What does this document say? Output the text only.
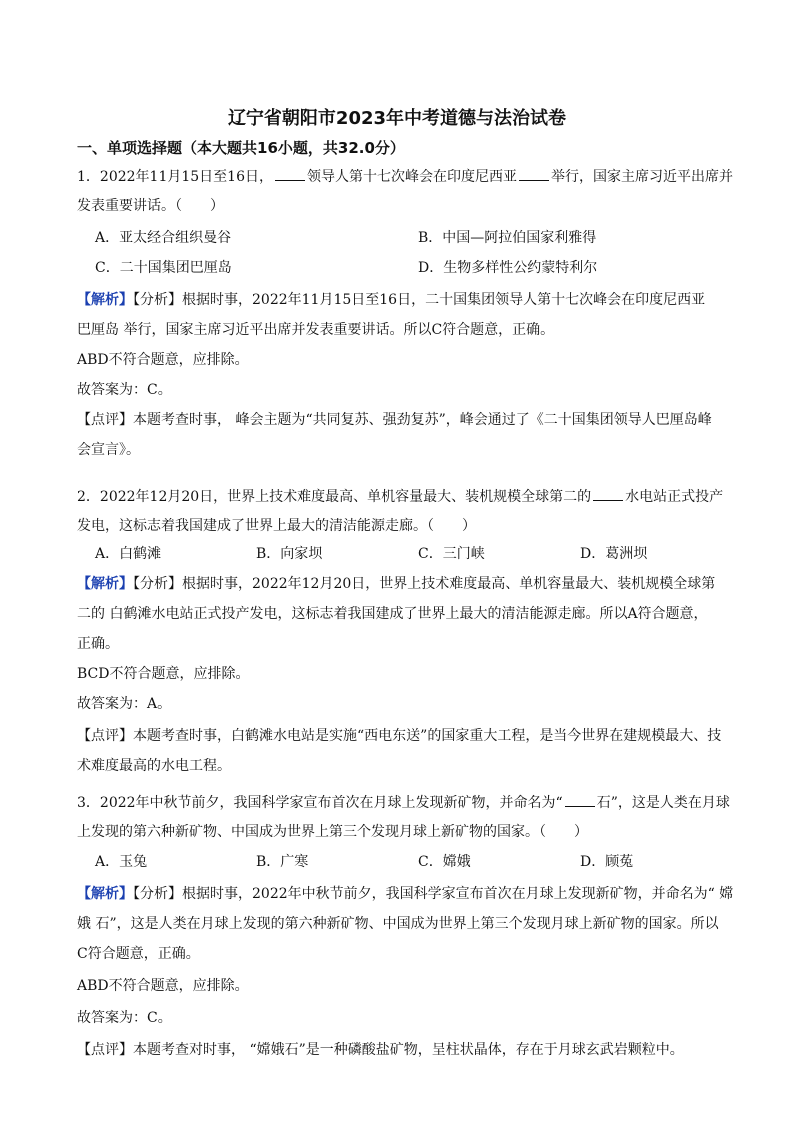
辽宁省朝阳市2023年中考道德与法治试卷
一、单项选择题（本大题共16小题，共32.0分）
1．2022年11月15日至16日， 领导人第十七次峰会在印度尼西亚 举行，国家主席习近平出席并
发表重要讲话。（　　）
A．亚太经合组织曼谷	B．中国—阿拉伯国家利雅得
C．二十国集团巴厘岛	D．生物多样性公约蒙特利尔
【解析】【分析】根据时事，2022年11月15日至16日，二十国集团领导人第十七次峰会在印度尼西亚
巴厘岛 举行，国家主席习近平出席并发表重要讲话。所以C符合题意，正确。
ABD不符合题意，应排除。
故答案为：C。
【点评】本题考查时事， 峰会主题为“共同复苏、强劲复苏”，峰会通过了《二十国集团领导人巴厘岛峰
会宣言》。
2．2022年12月20日，世界上技术难度最高、单机容量最大、装机规模全球第二的 水电站正式投产
发电，这标志着我国建成了世界上最大的清洁能源走廊。（　　）
A．白鹤滩	B．向家坝	C．三门峡	D．葛洲坝
【解析】【分析】根据时事，2022年12月20日，世界上技术难度最高、单机容量最大、装机规模全球第
二的 白鹤滩水电站正式投产发电，这标志着我国建成了世界上最大的清洁能源走廊。所以A符合题意，
正确。
BCD不符合题意，应排除。
故答案为：A。
【点评】本题考查时事，白鹤滩水电站是实施“西电东送”的国家重大工程，是当今世界在建规模最大、技
术难度最高的水电工程。
3．2022年中秋节前夕，我国科学家宣布首次在月球上发现新矿物，并命名为“ 石”，这是人类在月球
上发现的第六种新矿物、中国成为世界上第三个发现月球上新矿物的国家。（　　）
A．玉兔	B．广寒	C．嫦娥	D．顾菟
【解析】【分析】根据时事，2022年中秋节前夕，我国科学家宣布首次在月球上发现新矿物，并命名为“ 嫦
娥 石”，这是人类在月球上发现的第六种新矿物、中国成为世界上第三个发现月球上新矿物的国家。所以
C符合题意，正确。
ABD不符合题意，应排除。
故答案为：C。
【点评】本题考查对时事， “嫦娥石”是一种磷酸盐矿物，呈柱状晶体，存在于月球玄武岩颗粒中。
